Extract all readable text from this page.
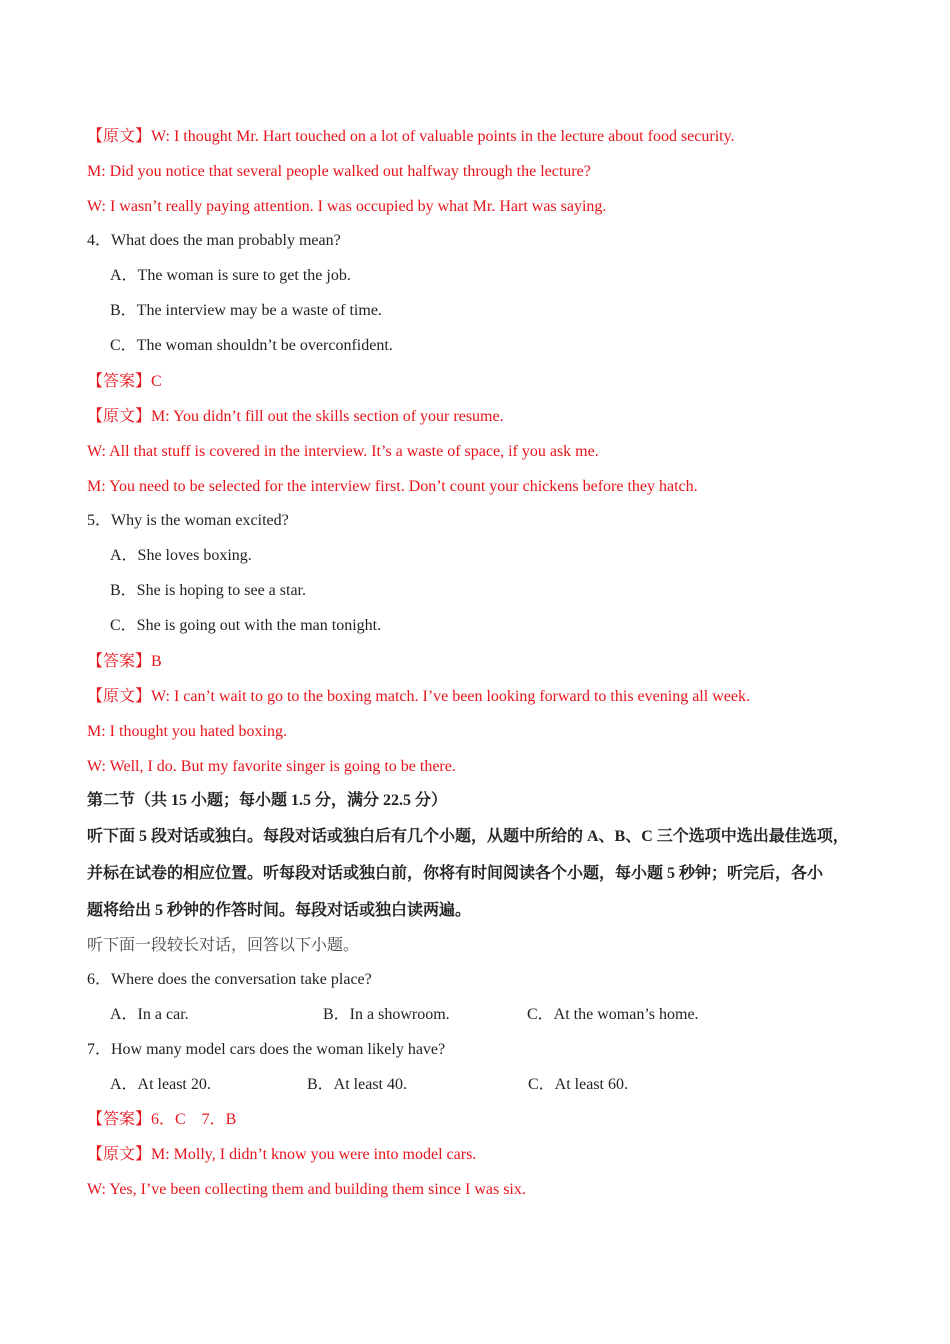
【原文】W: I thought Mr. Hart touched on a lot of valuable points in the lecture about food security.
M: Did you notice that several people walked out halfway through the lecture?
W: I wasn’t really paying attention. I was occupied by what Mr. Hart was saying.
4．What does the man probably mean?
A．The woman is sure to get the job.
B．The interview may be a waste of time.
C．The woman shouldn’t be overconfident.
【答案】C
【原文】M: You didn’t fill out the skills section of your resume.
W: All that stuff is covered in the interview. It’s a waste of space, if you ask me.
M: You need to be selected for the interview first. Don’t count your chickens before they hatch.
5．Why is the woman excited?
A．She loves boxing.
B．She is hoping to see a star.
C．She is going out with the man tonight.
【答案】B
【原文】W: I can’t wait to go to the boxing match. I’ve been looking forward to this evening all week.
M: I thought you hated boxing.
W: Well, I do. But my favorite singer is going to be there.
第二节（共 15 小题；每小题 1.5 分，满分 22.5 分）
听下面 5 段对话或独白。每段对话或独白后有几个小题，从题中所给的 A、B、C 三个选项中选出最佳选项，
并标在试卷的相应位置。听每段对话或独白前，你将有时间阅读各个小题，每小题 5 秒钟；听完后，各小
题将给出 5 秒钟的作答时间。每段对话或独白读两遍。
听下面一段较长对话，回答以下小题。
6．Where does the conversation take place?
A．In a car.	B．In a showroom.	C．At the woman’s home.
7．How many model cars does the woman likely have?
A．At least 20.	B．At least 40.	C．At least 60.
【答案】6．C　7．B
【原文】M: Molly, I didn’t know you were into model cars.
W: Yes, I’ve been collecting them and building them since I was six.
